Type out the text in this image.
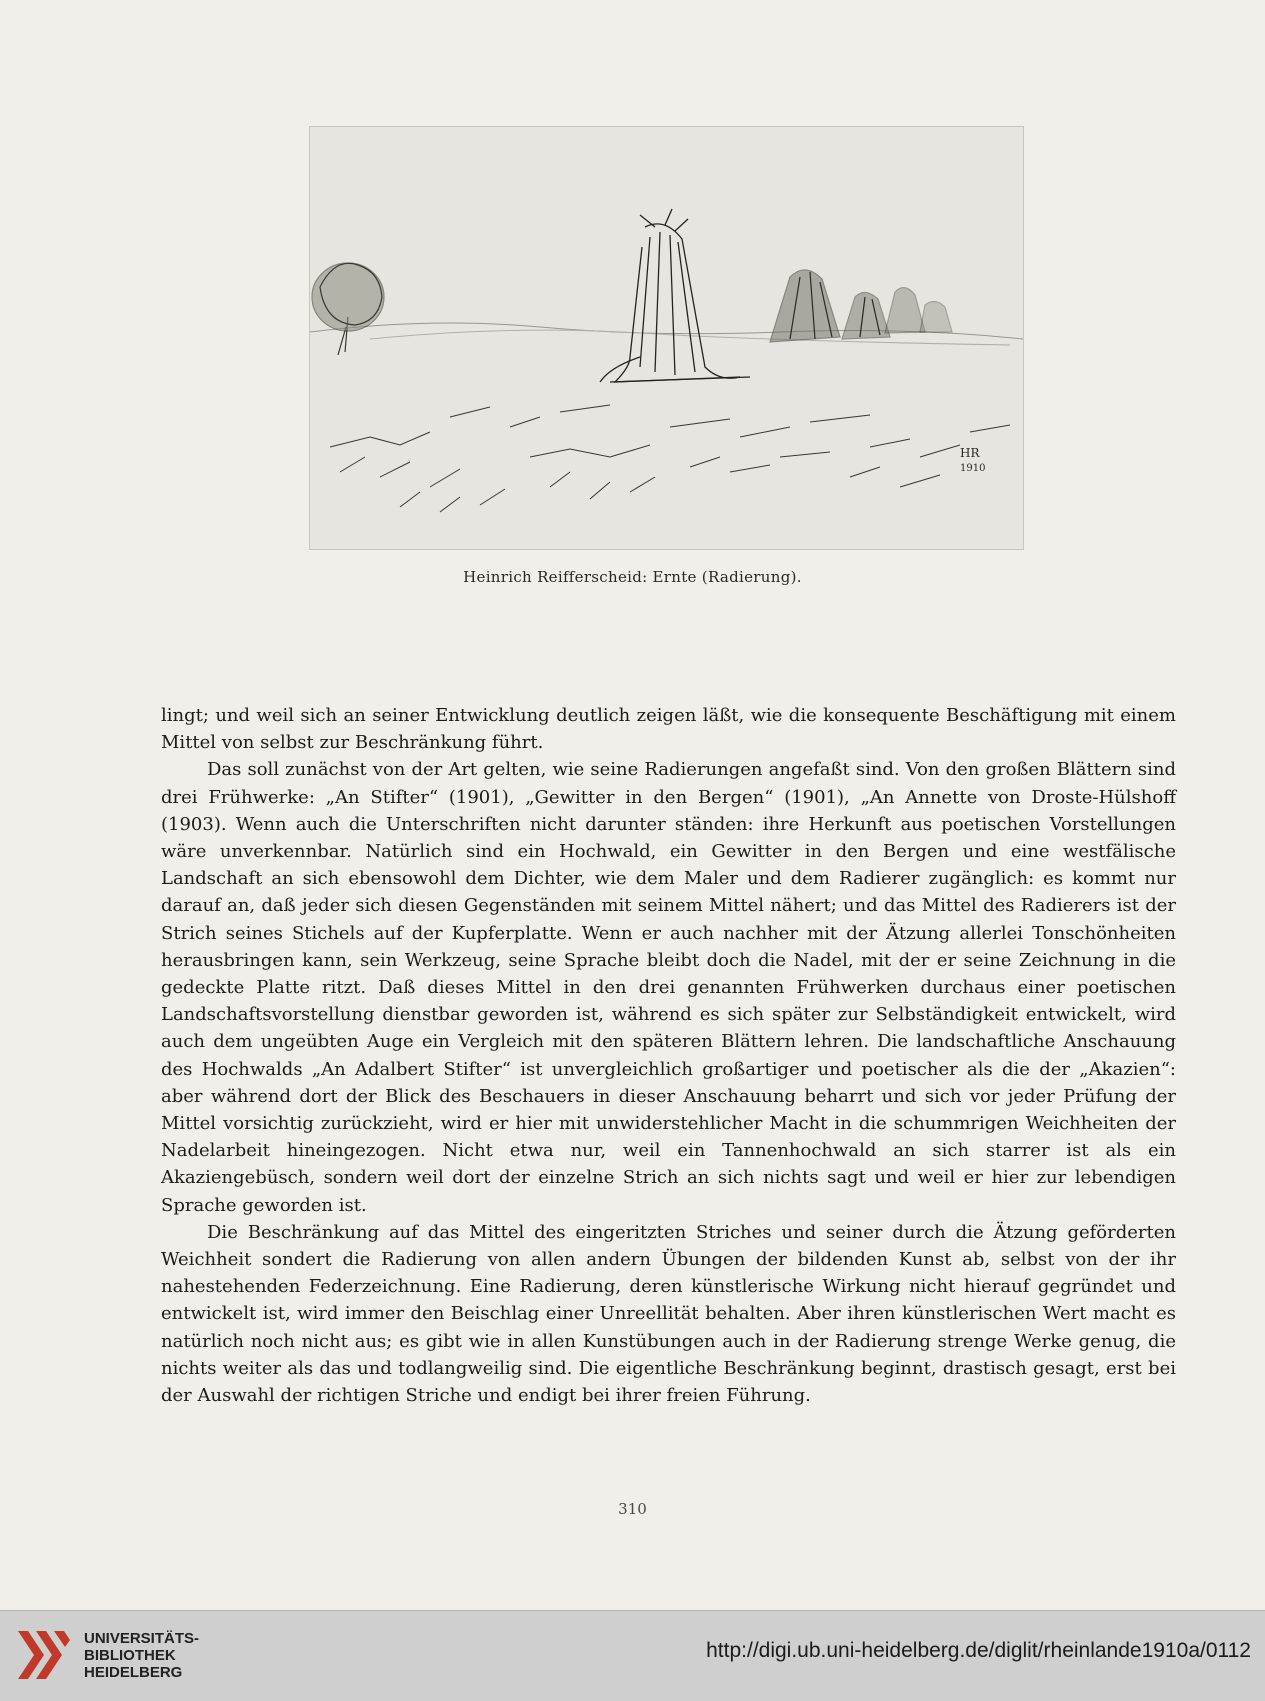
HR
1910
Heinrich Reifferscheid: Ernte (Radierung).

lingt; und weil sich an seiner Entwicklung deutlich zeigen läßt, wie die konsequente Beschäftigung mit einem Mittel von selbst zur Beschränkung führt.

Das soll zunächst von der Art gelten, wie seine Radierungen angefaßt sind. Von den großen Blättern sind drei Frühwerke: „An Stifter“ (1901), „Gewitter in den Bergen“ (1901), „An Annette von Droste-Hülshoff (1903). Wenn auch die Unterschriften nicht darunter ständen: ihre Herkunft aus poetischen Vorstellungen wäre unverkennbar. Natürlich sind ein Hochwald, ein Gewitter in den Bergen und eine westfälische Landschaft an sich ebensowohl dem Dichter, wie dem Maler und dem Radierer zugänglich: es kommt nur darauf an, daß jeder sich diesen Gegenständen mit seinem Mittel nähert; und das Mittel des Radierers ist der Strich seines Stichels auf der Kupferplatte. Wenn er auch nachher mit der Ätzung allerlei Tonschönheiten herausbringen kann, sein Werkzeug, seine Sprache bleibt doch die Nadel, mit der er seine Zeichnung in die gedeckte Platte ritzt. Daß dieses Mittel in den drei genannten Frühwerken durchaus einer poetischen Landschaftsvorstellung dienstbar geworden ist, während es sich später zur Selbständigkeit entwickelt, wird auch dem ungeübten Auge ein Vergleich mit den späteren Blättern lehren. Die landschaftliche Anschauung des Hochwalds „An Adalbert Stifter“ ist unvergleichlich großartiger und poetischer als die der „Akazien“: aber während dort der Blick des Beschauers in dieser Anschauung beharrt und sich vor jeder Prüfung der Mittel vorsichtig zurückzieht, wird er hier mit unwiderstehlicher Macht in die schummrigen Weichheiten der Nadelarbeit hineingezogen. Nicht etwa nur, weil ein Tannenhochwald an sich starrer ist als ein Akaziengebüsch, sondern weil dort der einzelne Strich an sich nichts sagt und weil er hier zur lebendigen Sprache geworden ist.

Die Beschränkung auf das Mittel des eingeritzten Striches und seiner durch die Ätzung geförderten Weichheit sondert die Radierung von allen andern Übungen der bildenden Kunst ab, selbst von der ihr nahestehenden Federzeichnung. Eine Radierung, deren künstlerische Wirkung nicht hierauf gegründet und entwickelt ist, wird immer den Beischlag einer Unreellität behalten. Aber ihren künstlerischen Wert macht es natürlich noch nicht aus; es gibt wie in allen Kunstübungen auch in der Radierung strenge Werke genug, die nichts weiter als das und todlangweilig sind. Die eigentliche Beschränkung beginnt, drastisch gesagt, erst bei der Auswahl der richtigen Striche und endigt bei ihrer freien Führung.

310
UNIVERSITÄTS-
BIBLIOTHEK
HEIDELBERG
http://digi.ub.uni-heidelberg.de/diglit/rheinlande1910a/0112
